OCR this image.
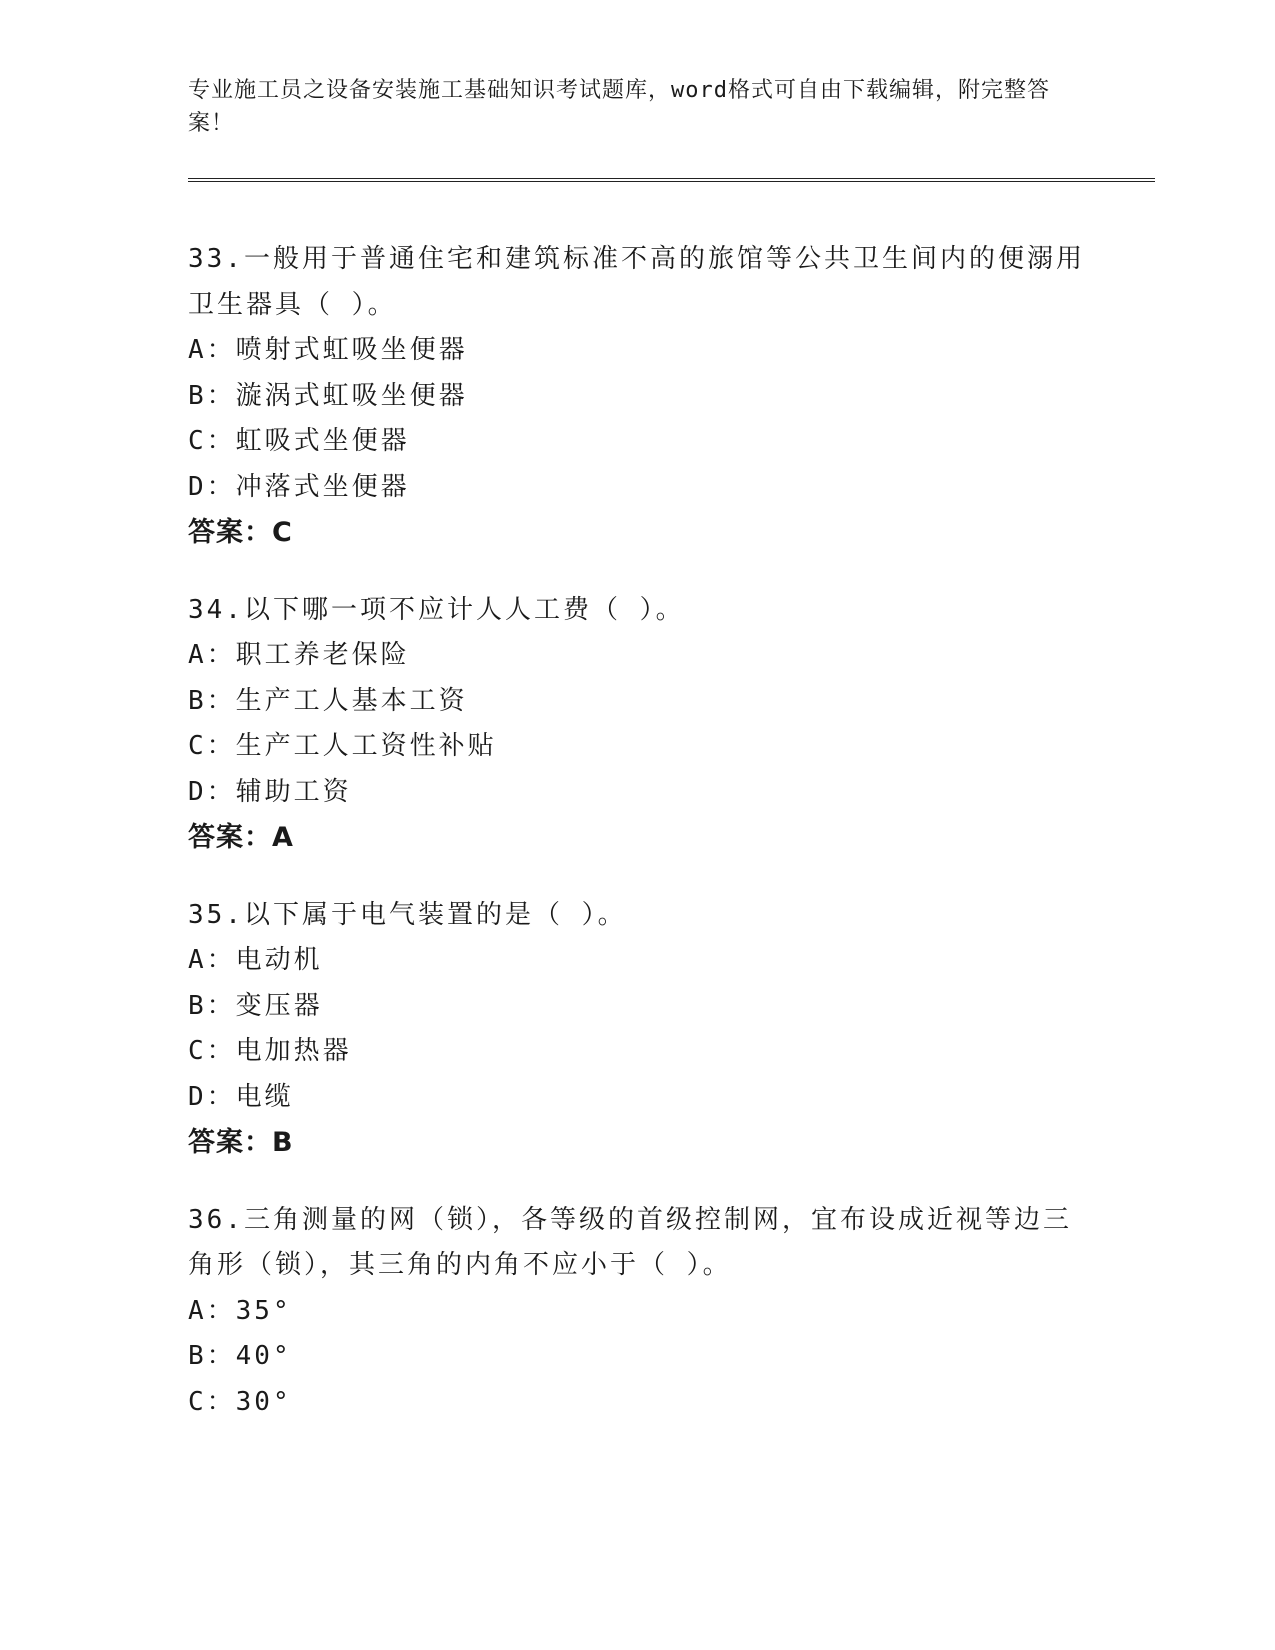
专业施工员之设备安装施工基础知识考试题库，word格式可自由下载编辑，附完整答案！
33.一般用于普通住宅和建筑标准不高的旅馆等公共卫生间内的便溺用卫生器具（ ）。
A：喷射式虹吸坐便器
B：漩涡式虹吸坐便器
C：虹吸式坐便器
D：冲落式坐便器
答案：C
34.以下哪一项不应计人人工费（ ）。
A：职工养老保险
B：生产工人基本工资
C：生产工人工资性补贴
D：辅助工资
答案：A
35.以下属于电气装置的是（ ）。
A：电动机
B：变压器
C：电加热器
D：电缆
答案：B
36.三角测量的网（锁），各等级的首级控制网，宜布设成近视等边三角形（锁），其三角的内角不应小于（ ）。
A：35°
B：40°
C：30°
